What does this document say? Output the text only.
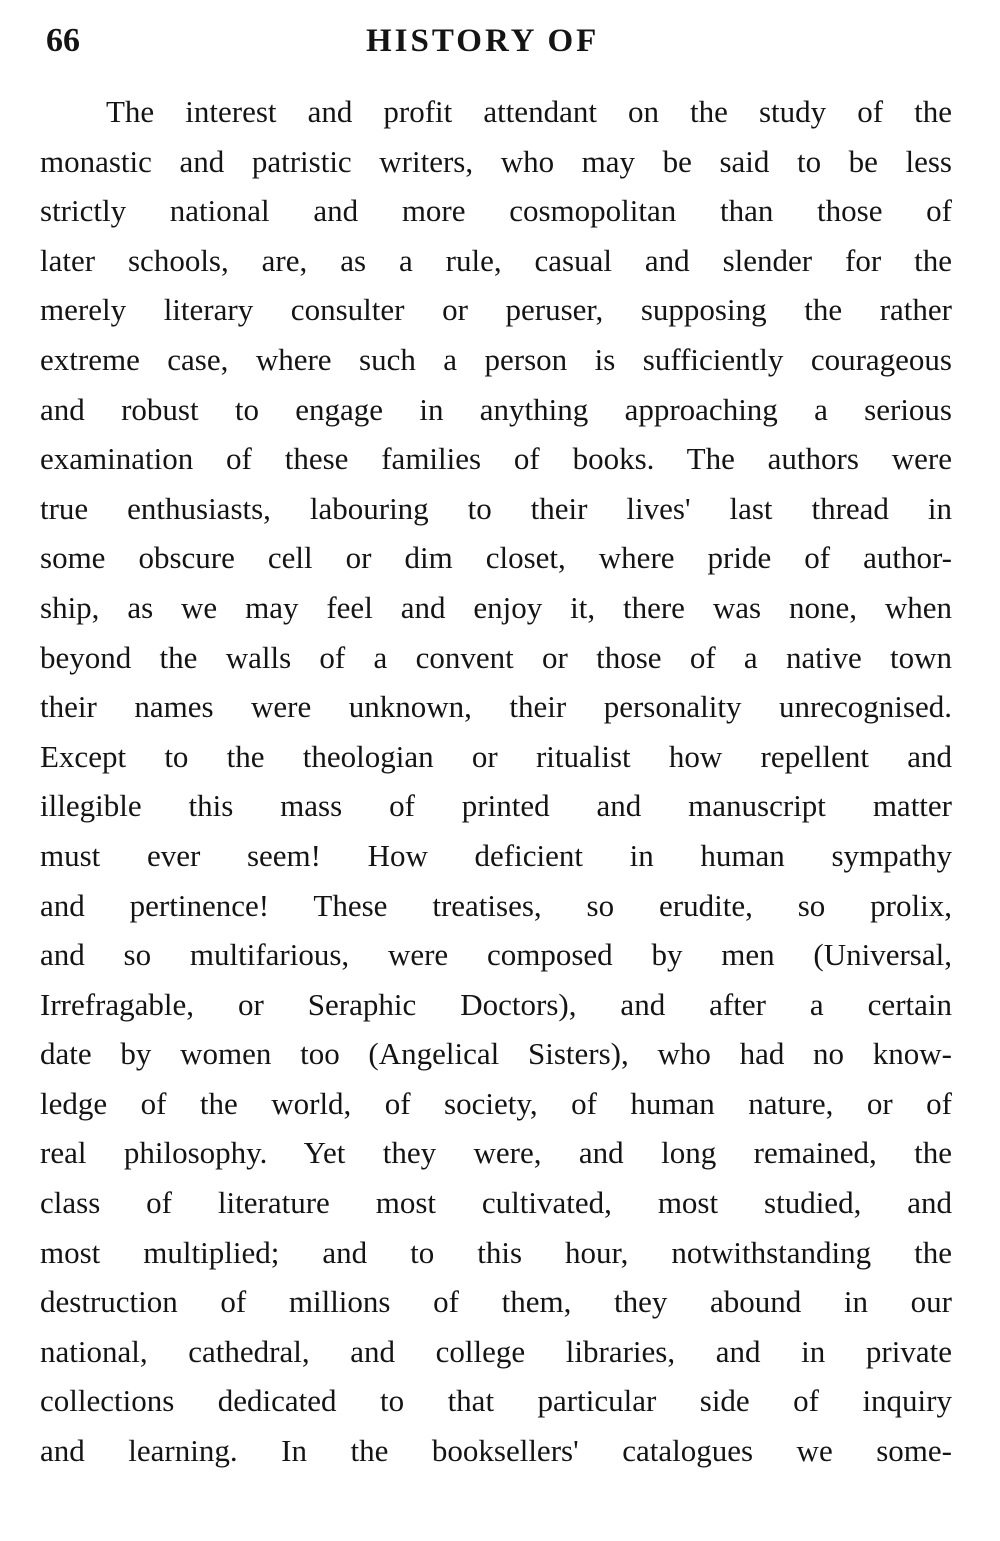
66	HISTORY OF
The interest and profit attendant on the study of the
monastic and patristic writers, who may be said to be less
strictly national and more cosmopolitan than those of
later schools, are, as a rule, casual and slender for the
merely literary consulter or peruser, supposing the rather
extreme case, where such a person is sufficiently courageous
and robust to engage in anything approaching a serious
examination of these families of books. The authors were
true enthusiasts, labouring to their lives' last thread in
some obscure cell or dim closet, where pride of author-
ship, as we may feel and enjoy it, there was none, when
beyond the walls of a convent or those of a native town
their names were unknown, their personality unrecognised.
Except to the theologian or ritualist how repellent and
illegible this mass of printed and manuscript matter
must ever seem! How deficient in human sympathy
and pertinence! These treatises, so erudite, so prolix,
and so multifarious, were composed by men (Universal,
Irrefragable, or Seraphic Doctors), and after a certain
date by women too (Angelical Sisters), who had no know-
ledge of the world, of society, of human nature, or of
real philosophy. Yet they were, and long remained, the
class of literature most cultivated, most studied, and
most multiplied; and to this hour, notwithstanding the
destruction of millions of them, they abound in our
national, cathedral, and college libraries, and in private
collections dedicated to that particular side of inquiry
and learning. In the booksellers' catalogues we some-
